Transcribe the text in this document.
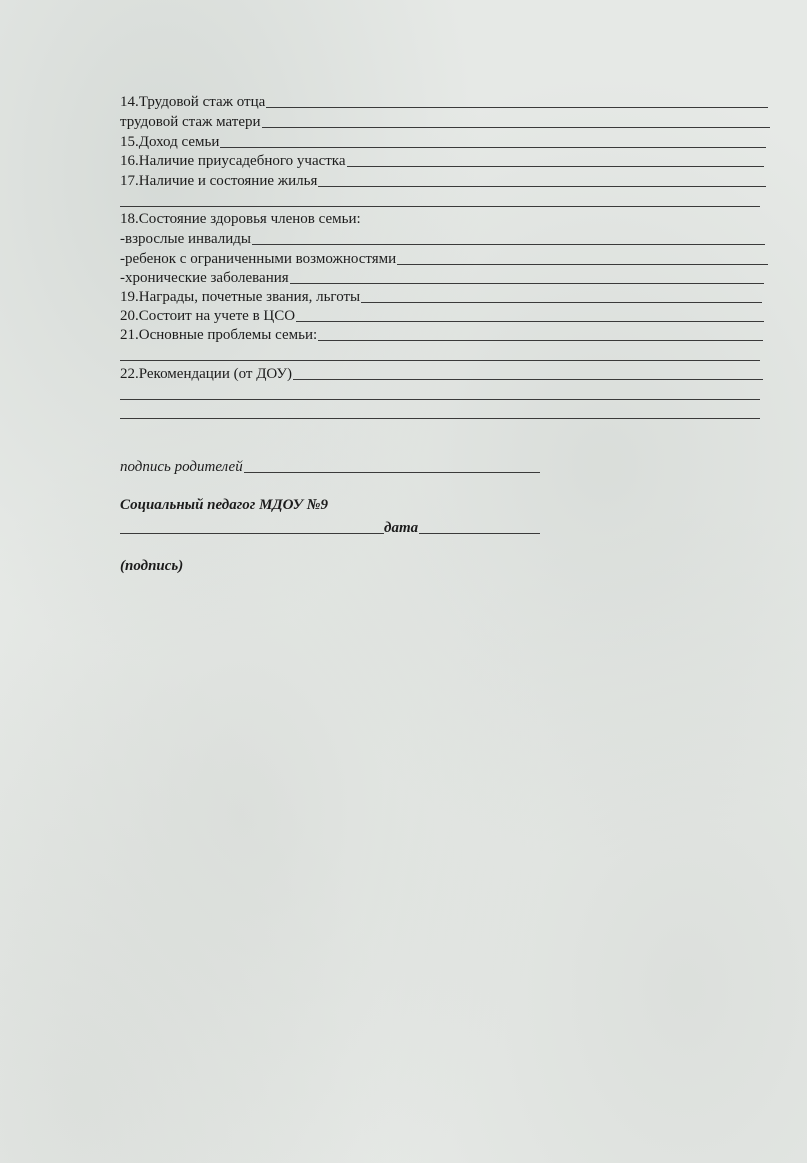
14.Трудовой стаж отца
трудовой стаж матери
15.Доход семьи
16.Наличие приусадебного участка
17.Наличие и состояние жилья
18.Состояние здоровья членов семьи:
-взрослые инвалиды
-ребенок с ограниченными возможностями
-хронические заболевания
19.Награды, почетные звания, льготы
20.Состоит на учете в ЦСО
21.Основные проблемы семьи:
22.Рекомендации (от ДОУ)
подпись родителей
Социальный педагог МДОУ №9
дата
(подпись)
